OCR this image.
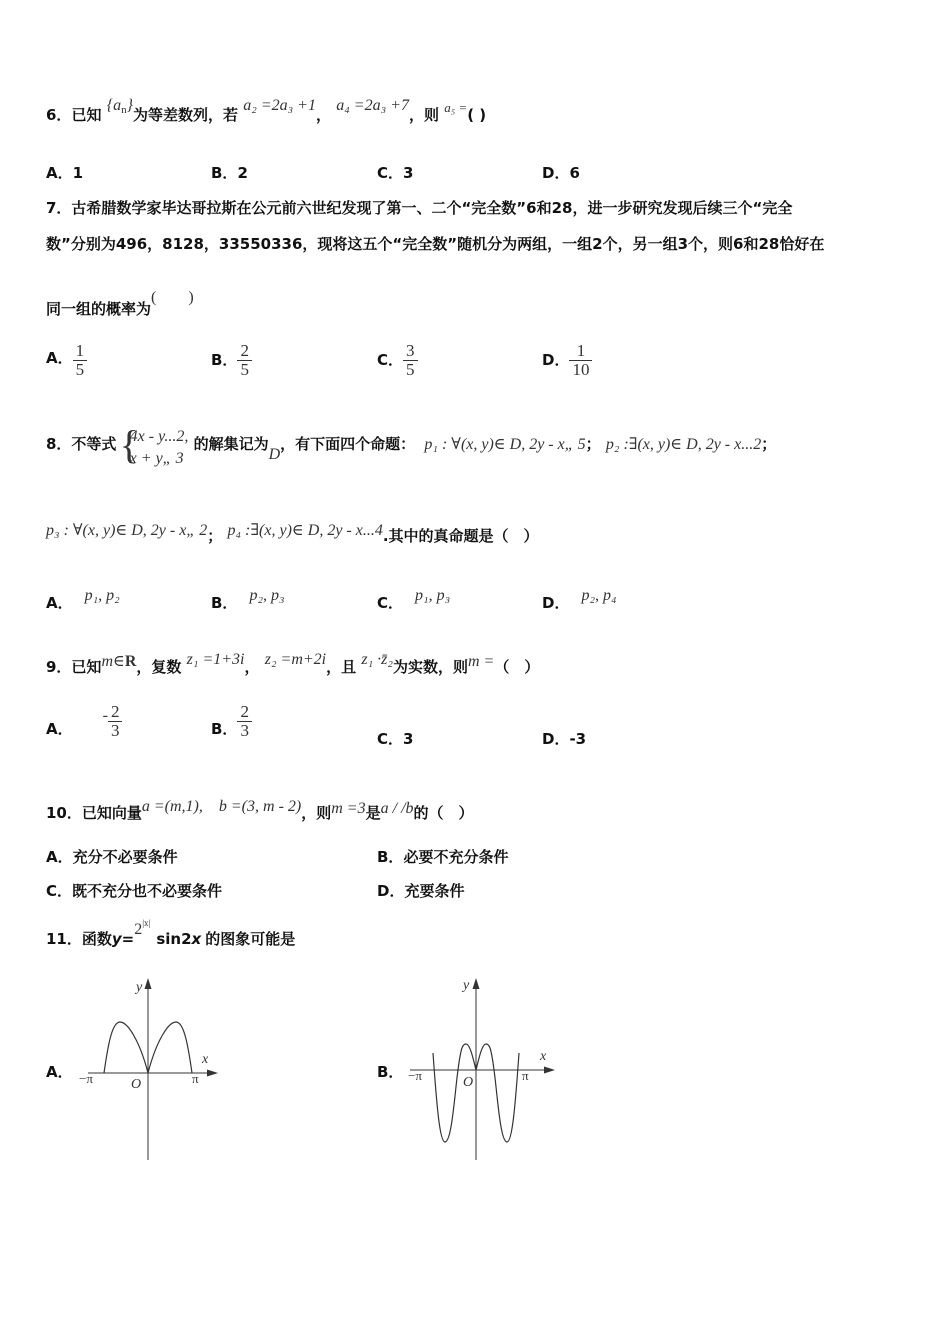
6．已知 $\{a_n\}$为等差数列，若 a₂ =2a₃ +1， a₄ =2a₃ +7，则 a₅ =( )
A．1	B．2	C．3	D．6
7．古希腊数学家毕达哥拉斯在公元前六世纪发现了第一、二个“完全数”6和28，进一步研究发现后续三个“完全
数”分别为496，8128，33550336，现将这五个“完全数”随机分为两组，一组2个，另一组3个，则6和28恰好在
同一组的概率为(　　)
A． $\frac{1}{5}$	B． $\frac{2}{5}$	C． $\frac{3}{5}$	D． $\frac{1}{10}$
8．不等式 {
4x - y...2,
x + y„ 3
的解集记为D，有下面四个命题： p₁ : ∀(x, y)∈ D, 2y - x„ 5； p₂ :∃(x, y)∈ D, 2y - x...2；
p₃ : ∀(x, y)∈ D, 2y - x„ 2； p₄ :∃(x, y)∈ D, 2y - x...4.其中的真命题是（　）
A． p₁, p₂	B． p₂, p₃	C． p₁, p₃	D． p₂, p₄
9．已知m∈R，复数 z₁ =1+3i， z₂ =m+2i，且 z₁ ·z̄₂为实数，则m =（　）
A．- $\frac{2}{3}$	B． $\frac{2}{3}$	C．3	D．-3
10．已知向量a =(m,1),　b =(3, m - 2)，则m =3是a / /b的（　）
A．充分不必要条件	B．必要不充分条件
C．既不充分也不必要条件	D．充要条件
11．函数$y=2^{|x|}\sin 2x$ 的图象可能是
A．
y
x
O
−π	π	B．
y
x
O
−π	π
